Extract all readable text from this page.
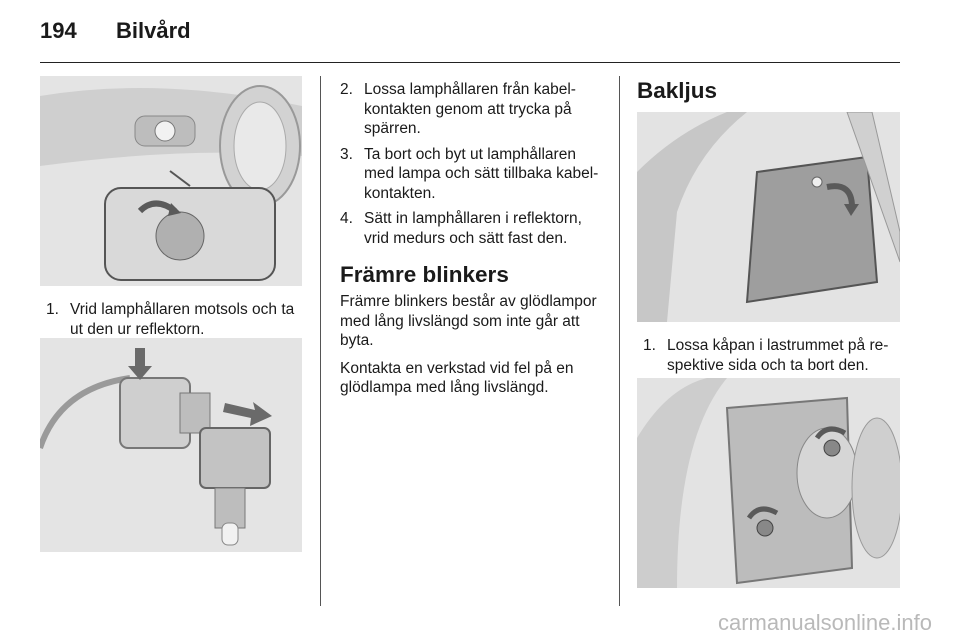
194 Bilvård
1. Vrid lamphållaren motsols och ta ut den ur reflektorn.
2. Lossa lamphållaren från kabel-kontakten genom att trycka på spärren.
3. Ta bort och byt ut lamphållaren med lampa och sätt tillbaka kabel-kontakten.
4. Sätt in lamphållaren i reflektorn, vrid medurs och sätt fast den.
Främre blinkers

Främre blinkers består av glödlampor med lång livslängd som inte går att byta.

Kontakta en verkstad vid fel på en glödlampa med lång livslängd.

Bakljus
1. Lossa kåpan i lastrummet på re-spektive sida och ta bort den.
carmanualsonline.info
